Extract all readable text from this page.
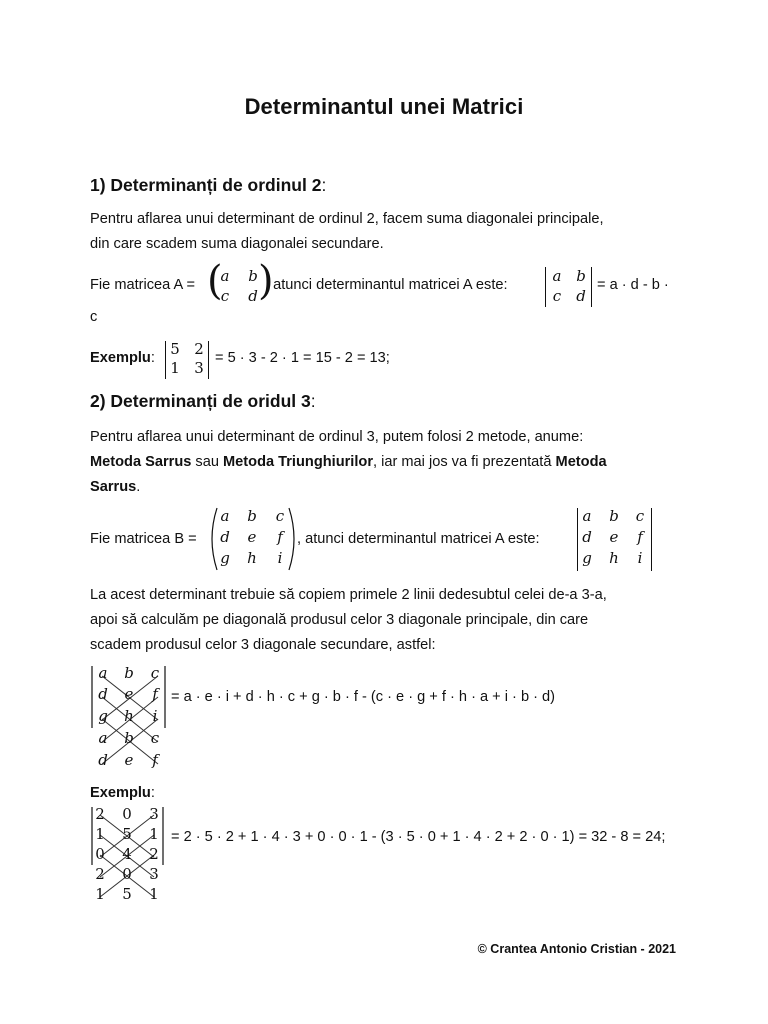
Determinantul unei Matrici
1) Determinanți de ordinul 2:
Pentru aflarea unui determinant de ordinul 2, facem suma diagonalei principale,
din care scadem suma diagonalei secundare.
Fie matricea A = (
a	b
c	d )
, atunci determinantul matricei A este:	a b
c d
= a · d - b ·
c
Exemplu:	5 2
1 3
= 5 · 3 - 2 · 1 = 15 - 2 = 13;
2) Determinanți de oridul 3:
Pentru aflarea unui determinant de ordinul 3, putem folosi 2 metode, anume:
Metoda Sarrus sau Metoda Triunghiurilor, iar mai jos va fi prezentată Metoda
Sarrus.
Fie matricea B =
a	b	c
d	e	f
g	h	i
, atunci determinantul matricei A este:
a	b	c
d	e	f
g	h	i
La acest determinant trebuie să copiem primele 2 linii dedesubtul celei de-a 3-a,
apoi să calculăm pe diagonală produsul celor 3 diagonale principale, din care
scadem produsul celor 3 diagonale secundare, astfel:
a	b	c
d	e	f
g	h	i
a	b	c
d	e	f
= a · e · i + d · h · c + g · b · f - (c · e · g + f · h · a + i · b · d)
Exemplu:
2	0	3
1	5	1
0	4	2
2	0	3
1	5	1
= 2 · 5 · 2 + 1 · 4 · 3 + 0 · 0 · 1 - (3 · 5 · 0 + 1 · 4 · 2 + 2 · 0 · 1) = 32 - 8 = 24;
© Crantea Antonio Cristian - 2021
